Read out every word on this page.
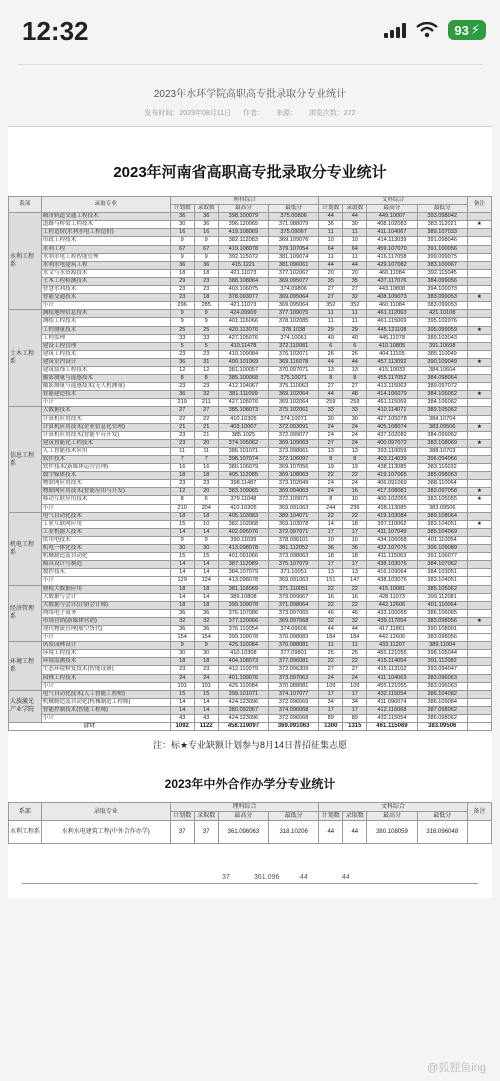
12:32	93 ⚡
2023年水环学院高职高专批录取分专业统计
发布时间：2023年08月11日 作者： 来源： 浏览次数：272
2023年河南省高职高专批录取分专业统计
系部	录取专业	理科综合				文科综合				备注
		计划数	录取数	最高分	最低分	计划数	录取数	最高分	最低分	
水利工程系	城市轨道交通工程技术	36	36	398.100079	375.00806	44	44	449.10007	393.098042	
	道路与桥梁工程技术	30	36	396.120065	371.088079	36	30	408.102083	383.112021	★
	工程造价(水利水电工程造价)	16	16	419.108069	375.09067	11	11	411.104067	389.107033	
	市政工程技术	9	9	382.112083	369.109076	10	10	414.113039	391.098046	
	水利工程	67	67	419.108078	379.107054	64	64	459.107070	391.100056	
	水利水电工程智能管理	9	9	392.115072	381.109074	11	11	416.117058	399.099075	
	水利水电建筑工程	36	36	415.1221	381.096061	44	44	429.107082	383.100067	
	水文与水资源技术	18	18	421.11073	377.102067	20	20	460.11084	392.115045	
	土木工程检测技术	29	23	388.108064	369.095077	35	35	437.117076	384.099056	
	智慧水利技术	23	23	403.106075	374.09806	27	27	443.10808	394.100073	
	智能交通技术	23	18	378.093077	369.095064	27	32	408.109073	383.099053	★
	小计	296	285	421.11073	369.095064	352	352	460.11084	383.099053	
土木工程系	测绘地理信息技术	9	9	424.09909	377.109075	11	11	461.112063	421.10108	
	测绘工程技术	9	9	401.116066	378.102085	11	11	461.115069	395.102076	
	工程测量技术	25	25	420.113076	378.1038	29	29	445.121108	395.099059	★
	工程监理	33	33	427.105076	374.10061	40	40	445.11078	389.103043	
	建设工程管理	5	5	410.11478	372.110081	6	6	410.10805	391.10608	
	建筑工程技术	23	23	410.109084	376.102071	26	26	404.11105	385.110049	
	建筑室内设计	36	31	400.101069	369.116078	44	44	457.113092	390.109049	★
	建筑装饰工程技术	12	12	381.100057	370.097071	13	13	415.10033	384.10604	
	摄影测量与遥感技术	8	8	385.100068	375.10071	8	8	455.117052	384.098064	
	摄影测量与遥感技术(无人机测量)	23	23	412.104067	375.110063	27	27	413.115063	389.097072	
	智能建造技术	36	32	381.111099	369.102064	44	48	414.106079	384.106062	★
	小计	219	211	427.105076	369.102064	259	259	461.115069	384.106062	
信息工程系	大数据技术	27	27	385.108073	375.102061	33	33	410.114071	389.105062	
	计算机应用技术	22	22	410.10305	374.10071	30	30	427.105078	384.10704	
	计算机应用技术(企业信息化管理)	21	21	403.10007	372.093091	24	24	405.108074	383.09506	★
	计算机应用技术(智能平台开发)	23	21	385.1025	372.099077	24	24	437.102082	384.099062	
	建筑智能化工程技术	23	20	374.105062	369.109063	27	24	400.097072	383.108069	★
	人工智能技术应用	11	11	386.101071	373.098061	13	13	393.110059	388.10703	
	软件技术	7	7	398.107074	372.106097	8	8	403.114039	396.094066	
	软件技术(新媒体运营管理)	16	16	380.106079	369.107056	19	19	438.113085	383.116032	
	数字媒体技术	18	18	405.112085	369.108063	22	22	419.107065	385.098063	
	物联网应用技术	23	23	398.11487	373.102049	24	24	406.091069	388.110064	
	物联网应用技术(智能应用与开发)	12	20	383.109065	369.094063	24	16	417.108081	383.097058	★
	移动互联应用技术	8	6	379.11048	372.109071	8	10	400.102065	383.105055	★
	小计	210	204	410.10305	369.091063	244	236	438.113085	383.09506	
机电工程系	电气自动化技术	18	18	405.103083	389.104071	22	22	419.103084	389.108064	
	工业互联网应用	15	10	382.102068	369.103078	14	18	397.110062	383.104051	★
	工业机器人技术	14	14	402.095076	372.097071	17	17	411.107049	385.104069	
	供用电技术	9	9	390.11039	378.096101	10	10	434.106068	401.110054	
	机电一体化技术	30	30	413.098078	381.112052	36	36	432.107076	396.109089	
	机械制造及自动化	15	15	401.091066	373.098063	18	18	411.115063	391.106077	
	模具设计与制造	14	14	387.112089	375.107079	17	17	438.103076	384.107062	
	数控技术	14	14	384.107079	371.10051	13	13	416.109064	384.103051	
	小计	129	124	413.098078	369.091063	151	147	438.103076	383.104051	
经济管理系	财税大数据应用	18	18	381.118069	371.110051	22	22	415.10081	385.105062	
	大数据与会计	14	14	389.10808	379.099067	16	16	428.11073	399.112081	
	大数据与会计(注册会计师)	18	18	399.109078	371.098064	22	22	442.12606	401.110064	
	网络电子商务	36	36	376.107086	373.097065	46	46	433.100065	386.106065	
	市场营销(新媒体营销)	32	32	377.120066	369.097068	32	32	439.117054	383.098056	★
	现代物流管理(航空货代)	36	36	376.110054	374.09606	44	44	417.11861	390.108001	
	小计	154	154	399.109078	370.098083	184	184	442.12606	383.098056	
环境工程系	风景园林设计	9	9	425.110084	370.088081	11	11	433.11207	389.11004	
	环境工程技术	30	30	410.10308	377.09801	25	25	455.121055	398.105044	
	环境监测技术	18	18	404.108073	377.096081	22	22	415.114054	391.112082	
	生态环境修复技术(智能设备)	23	23	412.110079	372.096309	27	27	415.113102	393.094047	
	园林工程技术	24	24	401.109076	373.097063	24	24	411.104063	383.096063	
	小计	101	101	425.110084	370.088081	109	109	455.121055	383.096063	
大族激光产业学院	电气自动化技术(人工智能工程师)	15	15	399.101071	374.107077	17	17	432.115054	386.104082	
	机械制造及自动化(机械制造工程师)	14	14	424.123096	372.096069	34	34	411.096074	386.109084	
	智能控制技术(智能工程师)	14	14	380.092067	374.096068	17	17	412.116068	387.098062	
	小计	43	43	424.123096	372.096068	89	89	432.115054	386.098062	
合计		1092	1122	458.119097	369.091063	1300	1315	461.115069	383.09506	
注：标★专业缺额计划参与8月14日普招征集志愿
2023年中外合作办学分专业统计
系部	录取专业	理科综合				文科综合				备注
		计划数	录取数	最高分	最低分	计划数	录取数	最高分	最低分	
水利工程系	水利水电建筑工程(中外合作办学)	37	37	361.096063	318.10206	44	44	380.108059	316.096048	
37	361.096	44	44
@狐狸鱼ing
